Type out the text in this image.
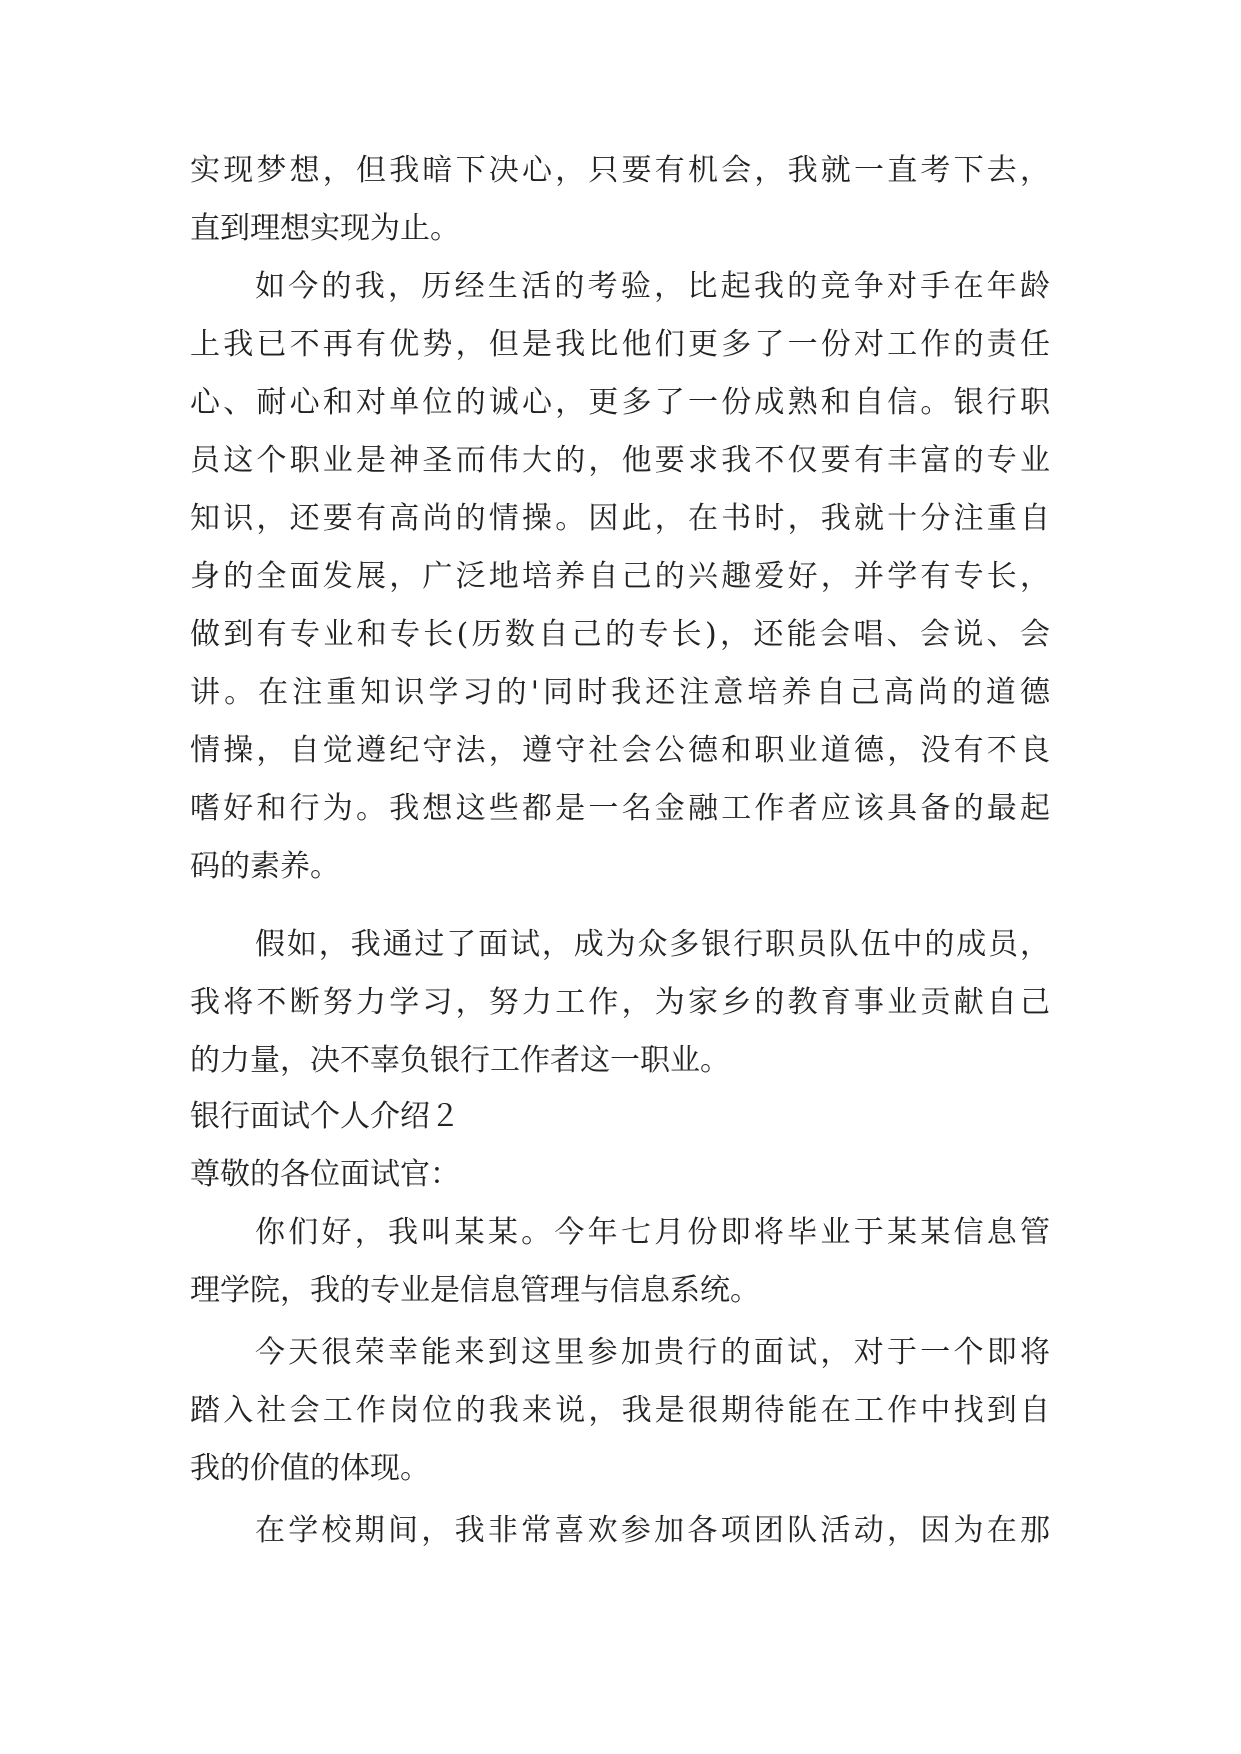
实现梦想，但我暗下决心，只要有机会，我就一直考下去，
直到理想实现为止。
如今的我，历经生活的考验，比起我的竞争对手在年龄
上我已不再有优势，但是我比他们更多了一份对工作的责任
心、耐心和对单位的诚心，更多了一份成熟和自信。银行职
员这个职业是神圣而伟大的，他要求我不仅要有丰富的专业
知识，还要有高尚的情操。因此，在书时，我就十分注重自
身的全面发展，广泛地培养自己的兴趣爱好，并学有专长，
做到有专业和专长(历数自己的专长)，还能会唱、会说、会
讲。在注重知识学习的'同时我还注意培养自己高尚的道德
情操，自觉遵纪守法，遵守社会公德和职业道德，没有不良
嗜好和行为。我想这些都是一名金融工作者应该具备的最起
码的素养。
假如，我通过了面试，成为众多银行职员队伍中的成员，
我将不断努力学习，努力工作，为家乡的教育事业贡献自己
的力量，决不辜负银行工作者这一职业。
银行面试个人介绍２
尊敬的各位面试官：
你们好，我叫某某。今年七月份即将毕业于某某信息管
理学院，我的专业是信息管理与信息系统。
今天很荣幸能来到这里参加贵行的面试，对于一个即将
踏入社会工作岗位的我来说，我是很期待能在工作中找到自
我的价值的体现。
在学校期间，我非常喜欢参加各项团队活动，因为在那
